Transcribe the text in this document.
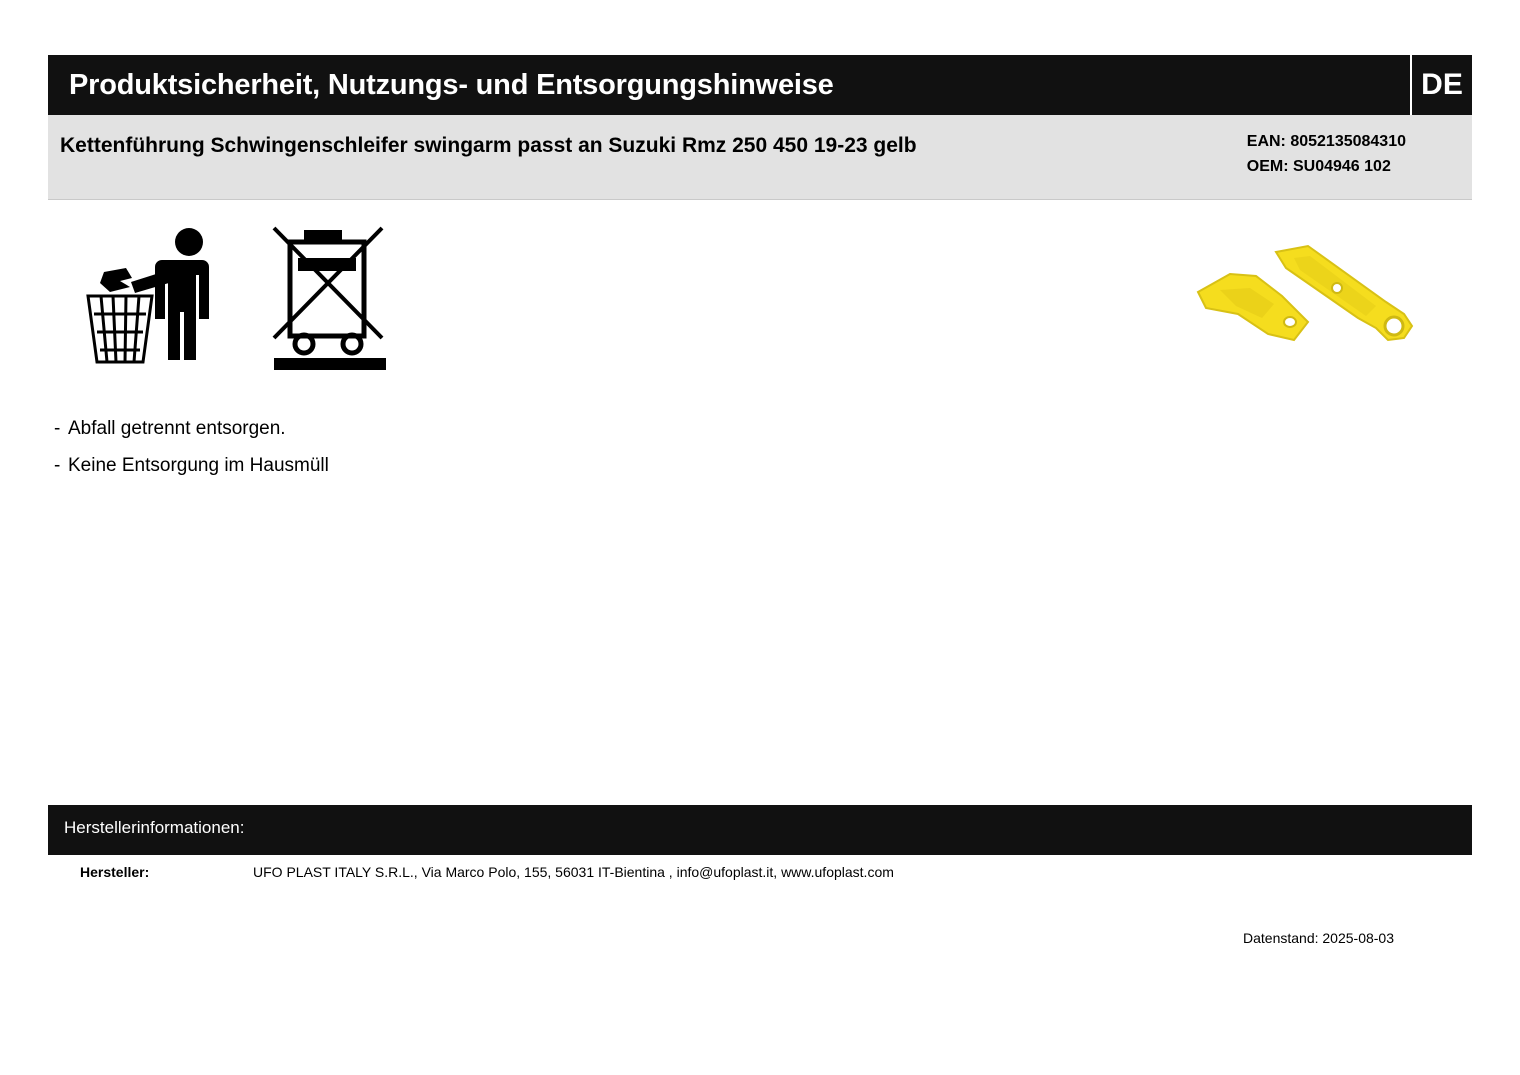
Produktsicherheit, Nutzungs- und Entsorgungshinweise	DE
Kettenführung Schwingenschleifer swingarm passt an Suzuki Rmz 250 450 19-23 gelb	EAN: 8052135084310
OEM: SU04946 102
- Abfall getrennt entsorgen.
- Keine Entsorgung im Hausmüll
Herstellerinformationen:
Hersteller:	UFO PLAST ITALY S.R.L., Via Marco Polo, 155, 56031 IT-Bientina , info@ufoplast.it, www.ufoplast.com
Datenstand: 2025-08-03
